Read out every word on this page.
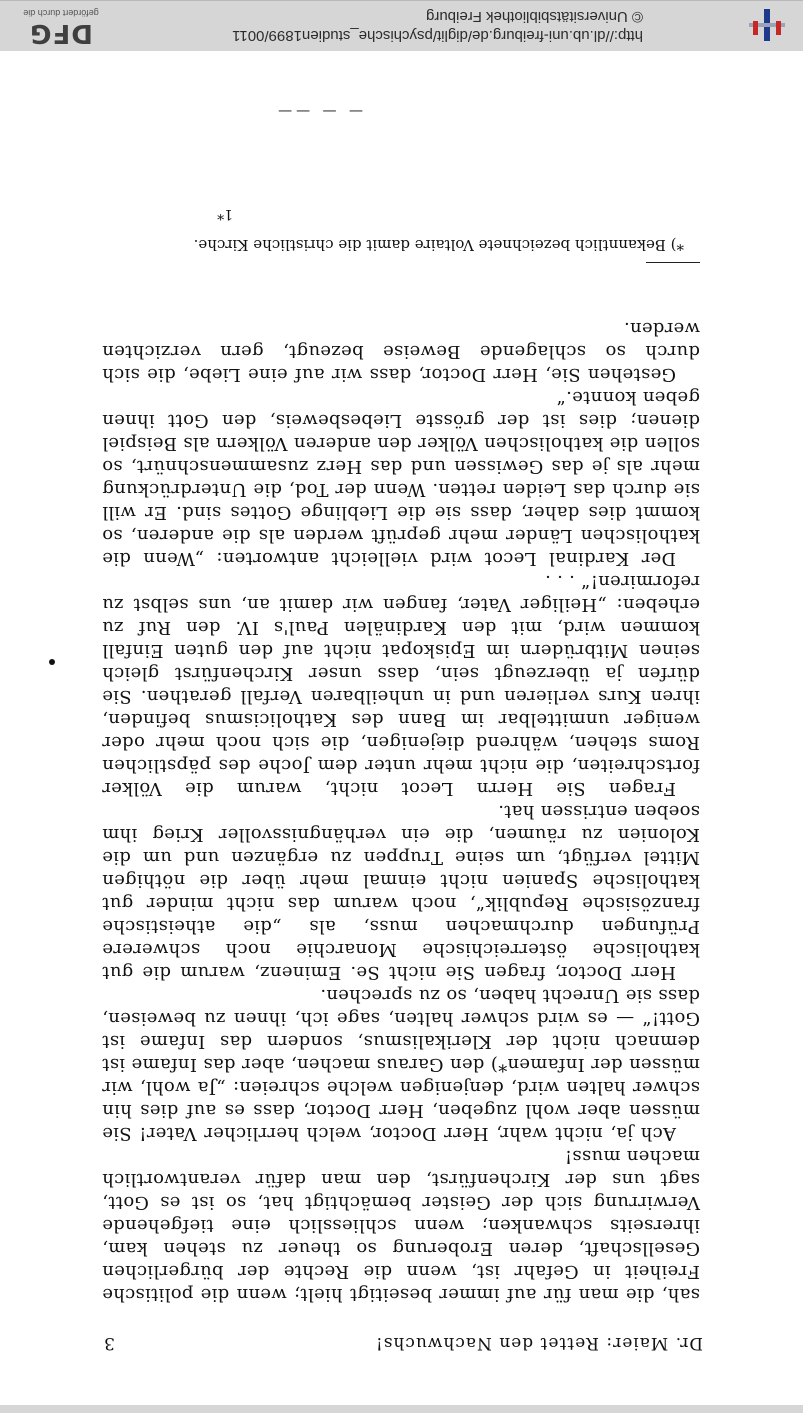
http://dl.ub.uni-freiburg.de/diglit/psychische_studien1899/0011
© Universitätsbibliothek Freiburg
DFG
gefördert durch die
Dr. Maier: Rettet den Nachwuchs!
3

sah, die man für auf immer beseitigt hielt; wenn die politische Freiheit in Gefahr ist, wenn die Rechte der bürgerlichen Gesellschaft, deren Eroberung so theuer zu stehen kam, ihrerseits schwanken; wenn schliesslich eine tiefgehende Verwirrung sich der Geister bemächtigt hat, so ist es Gott, sagt uns der Kirchenfürst, den man dafür verantwortlich machen muss!

Ach ja, nicht wahr, Herr Doctor, welch herrlicher Vater! Sie müssen aber wohl zugeben, Herr Doctor, dass es auf dies hin schwer halten wird, denjenigen welche schreien: „Ja wohl, wir müssen der Infamen*) den Garaus machen, aber das Infame ist demnach nicht der Klerikalismus, sondern das Infame ist Gott!“ — es wird schwer halten, sage ich, ihnen zu beweisen, dass sie Unrecht haben, so zu sprechen.

Herr Doctor, fragen Sie nicht Se. Eminenz, warum die gut katholische österreichische Monarchie noch schwerere Prüfungen durchmachen muss, als „die atheistische französische Republik“, noch warum das nicht minder gut katholische Spanien nicht einmal mehr über die nöthigen Mittel verfügt, um seine Truppen zu ergänzen und um die Kolonien zu räumen, die ein verhängnissvoller Krieg ihm soeben entrissen hat.

Fragen Sie Herrn Lecot nicht, warum die Völker fortschreiten, die nicht mehr unter dem Joche des päpstlichen Roms stehen, während diejenigen, die sich noch mehr oder weniger unmittelbar im Bann des Katholicismus befinden, ihren Kurs verlieren und in unheilbaren Verfall gerathen. Sie dürfen ja überzeugt sein, dass unser Kirchenfürst gleich seinen Mitbrüdern im Episkopat nicht auf den guten Einfall kommen wird, mit den Kardinälen Paul's IV. den Ruf zu erheben: „Heiliger Vater, fangen wir damit an, uns selbst zu reformiren!“ . . .

Der Kardinal Lecot wird vielleicht antworten: „Wenn die katholischen Länder mehr geprüft werden als die anderen, so kommt dies daher, dass sie die Lieblinge Gottes sind. Er will sie durch das Leiden retten. Wenn der Tod, die Unterdrückung mehr als je das Gewissen und das Herz zusammenschnürt, so sollen die katholischen Völker den anderen Völkern als Beispiel dienen; dies ist der grösste Liebesbeweis, den Gott ihnen geben konnte.“

Gestehen Sie, Herr Doctor, dass wir auf eine Liebe, die sich durch so schlagende Beweise bezeugt, gern verzichten werden.

*) Bekanntlich bezeichnete Voltaire damit die christliche Kirche.
1*
— — ——
